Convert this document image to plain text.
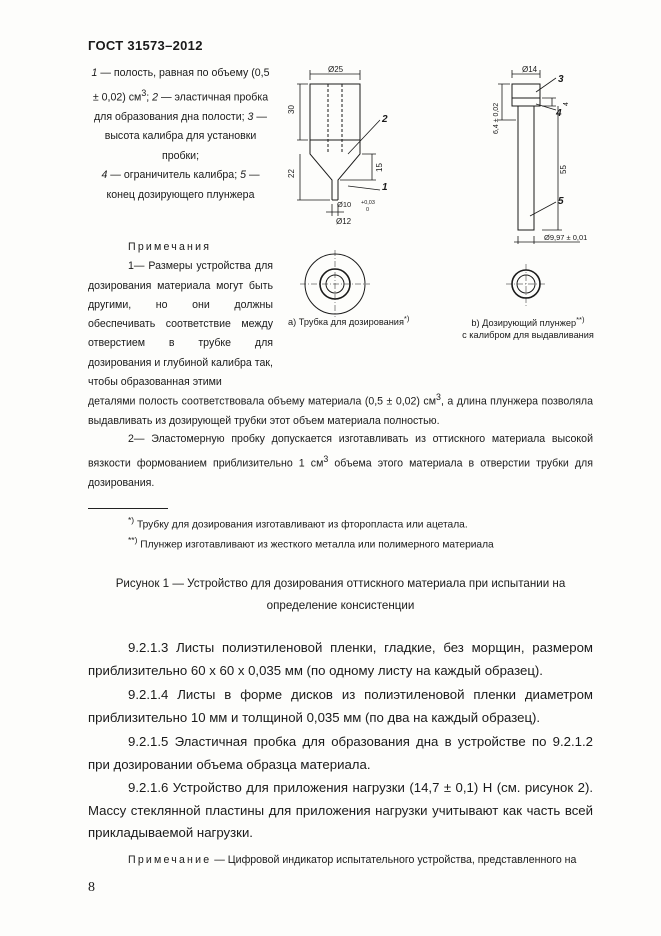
ГОСТ 31573–2012
1 — полость, равная по объему (0,5 ± 0,02) $см^3$; 2 — эластичная пробка для образования дна полости; 3 — высота калибра для установки пробки;
4 — ограничитель калибра; 5 — конец дозирующего плунжера
Ø25
30
22
15
Ø10 +0,03
0
Ø12
1
2
Ø14
6,4 ± 0,02	4
55
Ø9,97 ± 0,01
3
4
5
a) Трубка для дозирования*)	b) Дозирующий плунжер**)
с калибром для выдавливания
Примечания
1— Размеры устройства для дозирования материала могут быть другими, но они должны обеспечивать соответствие между отверстием в трубке для дозирования и глубиной калибра так, чтобы образованная этими
деталями полость соответствовала объему материала (0,5 ± 0,02) $см^3$, а длина плунжера позволяла выдавливать из дозирующей трубки этот объем материала полностью.
2— Эластомерную пробку допускается изготавливать из оттискного материала высокой вязкости формованием приблизительно 1 $см^3$ объема этого материала в отверстии трубки для дозирования.
*) Трубку для дозирования изготавливают из фторопласта или ацетала.
**) Плунжер изготавливают из жесткого металла или полимерного материала
Рисунок 1 — Устройство для дозирования оттискного материала при испытании на определение консистенции
9.2.1.3 Листы полиэтиленовой пленки, гладкие, без морщин, размером приблизительно 60 x 60 x 0,035 мм (по одному листу на каждый образец).
9.2.1.4 Листы в форме дисков из полиэтиленовой пленки диаметром приблизительно 10 мм и толщиной 0,035 мм (по два на каждый образец).
9.2.1.5 Эластичная пробка для образования дна в устройстве по 9.2.1.2 при дозировании объема образца материала.
9.2.1.6 Устройство для приложения нагрузки (14,7 ± 0,1) Н (см. рисунок 2). Массу стеклянной пластины для приложения нагрузки учитывают как часть всей прикладываемой нагрузки.
Примечание — Цифровой индикатор испытательного устройства, представленного на
8
